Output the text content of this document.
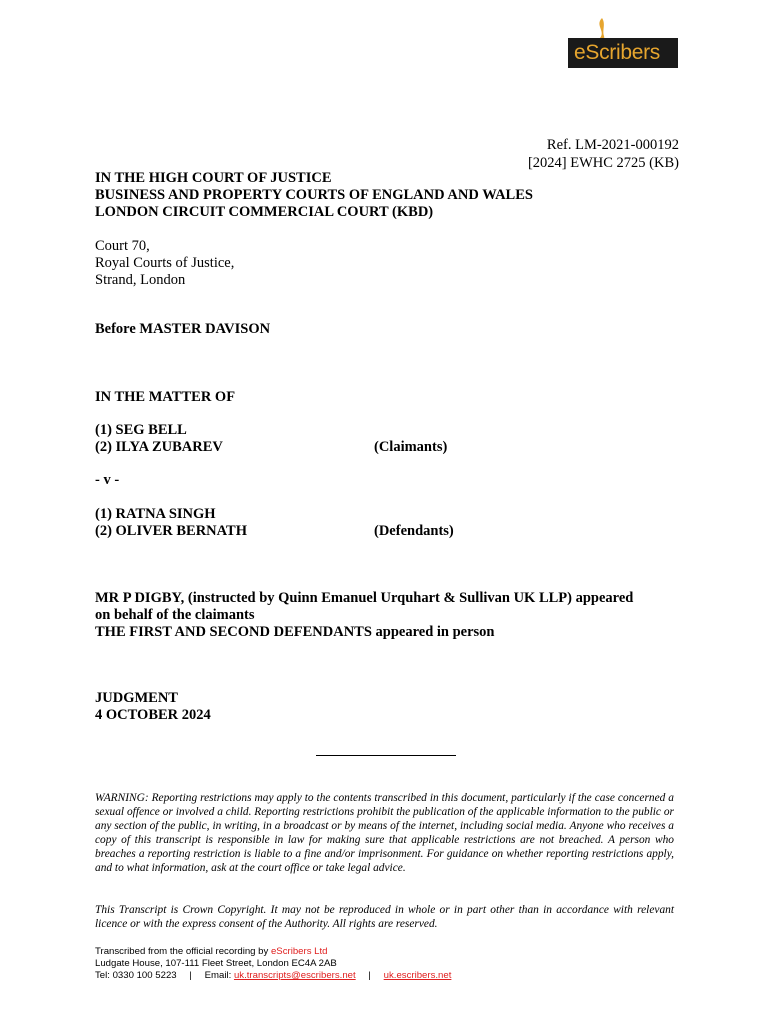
eScribers
Ref. LM-2021-000192
[2024] EWHC 2725 (KB)
IN THE HIGH COURT OF JUSTICE
BUSINESS AND PROPERTY COURTS OF ENGLAND AND WALES
LONDON CIRCUIT COMMERCIAL COURT (KBD)
Court 70,
Royal Courts of Justice,
Strand, London
Before MASTER DAVISON
IN THE MATTER OF
(1) SEG BELL
(2) ILYA ZUBAREV	(Claimants)
- v -
(1) RATNA SINGH
(2) OLIVER BERNATH	(Defendants)
MR P DIGBY, (instructed by Quinn Emanuel Urquhart & Sullivan UK LLP) appeared
on behalf of the claimants
THE FIRST AND SECOND DEFENDANTS appeared in person
JUDGMENT
4 OCTOBER 2024
WARNING: Reporting restrictions may apply to the contents transcribed in this document, particularly if the case concerned a sexual offence or involved a child. Reporting restrictions prohibit the publication of the applicable information to the public or any section of the public, in writing, in a broadcast or by means of the internet, including social media. Anyone who receives a copy of this transcript is responsible in law for making sure that applicable restrictions are not breached. A person who breaches a reporting restriction is liable to a fine and/or imprisonment. For guidance on whether reporting restrictions apply, and to what information, ask at the court office or take legal advice.
This Transcript is Crown Copyright. It may not be reproduced in whole or in part other than in accordance with relevant licence or with the express consent of the Authority. All rights are reserved.
Transcribed from the official recording by eScribers Ltd
Ludgate House, 107-111 Fleet Street, London EC4A 2AB
Tel: 0330 100 5223 | Email: uk.transcripts@escribers.net | uk.escribers.net
